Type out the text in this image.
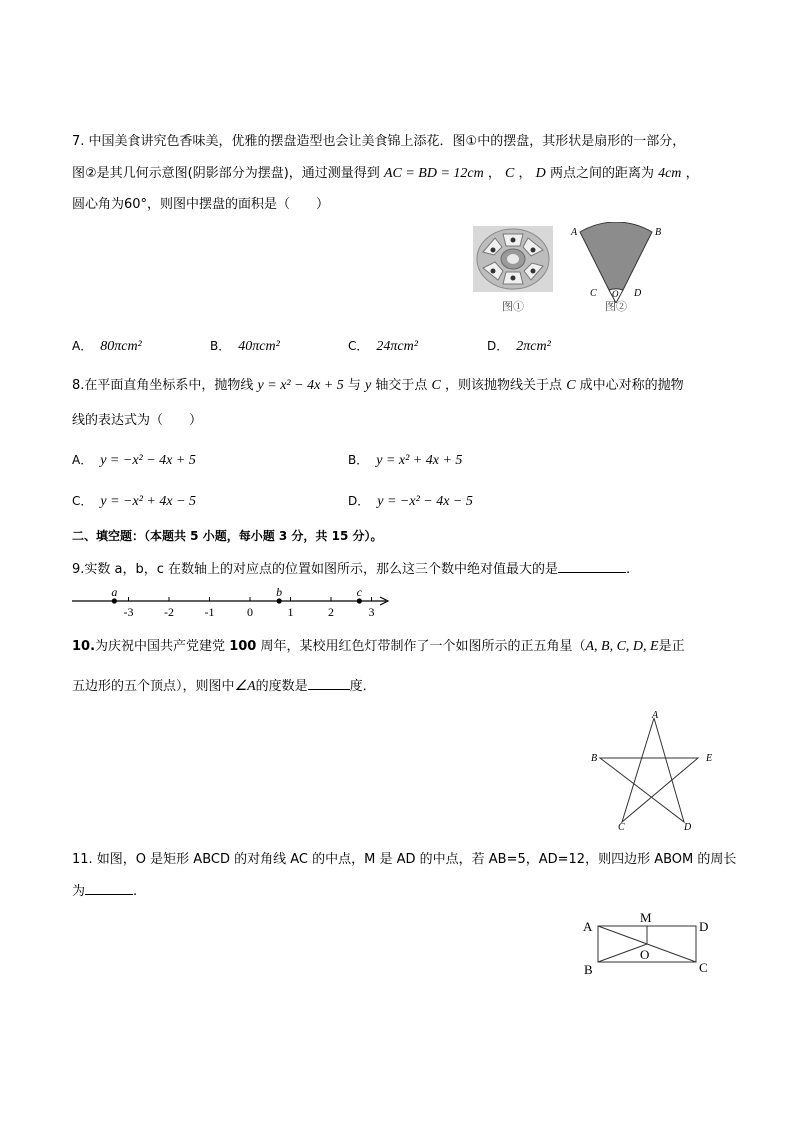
7. 中国美食讲究色香味美，优雅的摆盘造型也会让美食锦上添花．图①中的摆盘，其形状是扇形的一部分，
图②是其几何示意图(阴影部分为摆盘)，通过测量得到 AC = BD = 12cm ， C ， D 两点之间的距离为 4cm ，
圆心角为60°，则图中摆盘的面积是（　　）
图①
A	B
C	D
O
图②
A． 80πcm²	B． 40πcm²	C． 24πcm²	D． 2πcm²
8.在平面直角坐标系中，抛物线 y = x² − 4x + 5 与 y 轴交于点 C ，则该抛物线关于点 C 成中心对称的抛物
线的表达式为（　　）
A． y = −x² − 4x + 5	B． y = x² + 4x + 5
C． y = −x² + 4x − 5	D． y = −x² − 4x − 5
二、填空题：（本题共 5 小题，每小题 3 分，共 15 分）。
9.实数 a，b，c 在数轴上的对应点的位置如图所示，那么这三个数中绝对值最大的是	.
-3	-2	-1	0	1	2	3
a	b	c
10.为庆祝中国共产党建党 100 周年，某校用红色灯带制作了一个如图所示的正五角星（A, B, C, D, E是正
五边形的五个顶点），则图中∠A的度数是	度．
A
B	E
C	D
11. 如图，O 是矩形 ABCD 的对角线 AC 的中点，M 是 AD 的中点，若 AB=5，AD=12，则四边形 ABOM 的周长
为	.
A	D
B	C
M
O
